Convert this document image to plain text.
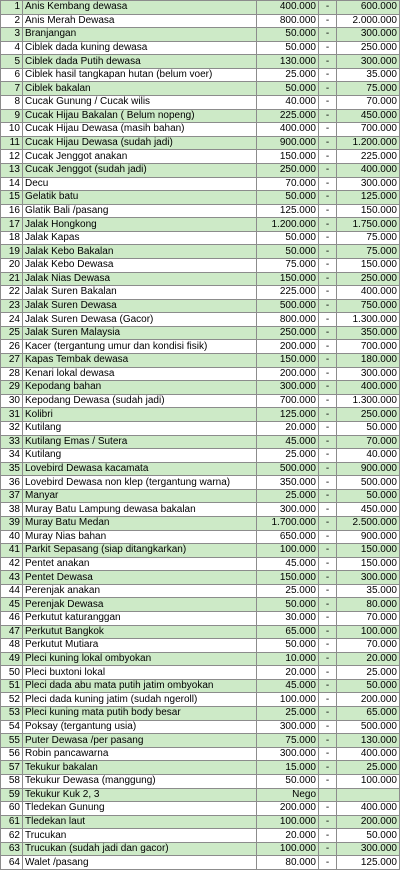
1	Anis Kembang dewasa	400.000	-	600.000
2	Anis Merah Dewasa	800.000	-	2.000.000
3	Branjangan	50.000	-	300.000
4	Ciblek dada kuning dewasa	50.000	-	250.000
5	Ciblek dada Putih dewasa	130.000	-	300.000
6	Ciblek hasil tangkapan hutan (belum voer)	25.000	-	35.000
7	Ciblek bakalan	50.000	-	75.000
8	Cucak Gunung / Cucak wilis	40.000	-	70.000
9	Cucak Hijau Bakalan ( Belum nopeng)	225.000	-	450.000
10	Cucak Hijau Dewasa (masih bahan)	400.000	-	700.000
11	Cucak Hijau Dewasa (sudah jadi)	900.000	-	1.200.000
12	Cucak Jenggot anakan	150.000	-	225.000
13	Cucak Jenggot (sudah jadi)	250.000	-	400.000
14	Decu	70.000	-	300.000
15	Gelatik batu	50.000	-	125.000
16	Glatik Bali /pasang	125.000	-	150.000
17	Jalak Hongkong	1.200.000	-	1.750.000
18	Jalak Kapas	50.000	-	75.000
19	Jalak Kebo Bakalan	50.000	-	75.000
20	Jalak Kebo Dewasa	75.000	-	150.000
21	Jalak Nias Dewasa	150.000	-	250.000
22	Jalak Suren Bakalan	225.000	-	400.000
23	Jalak Suren Dewasa	500.000	-	750.000
24	Jalak Suren Dewasa (Gacor)	800.000	-	1.300.000
25	Jalak Suren Malaysia	250.000	-	350.000
26	Kacer (tergantung umur dan kondisi fisik)	200.000	-	700.000
27	Kapas Tembak dewasa	150.000	-	180.000
28	Kenari lokal dewasa	200.000	-	300.000
29	Kepodang bahan	300.000	-	400.000
30	Kepodang Dewasa (sudah jadi)	700.000	-	1.300.000
31	Kolibri	125.000	-	250.000
32	Kutilang	20.000	-	50.000
33	Kutilang Emas / Sutera	45.000	-	70.000
34	Kutilang	25.000	-	40.000
35	Lovebird Dewasa kacamata	500.000	-	900.000
36	Lovebird Dewasa non klep (tergantung warna)	350.000	-	500.000
37	Manyar	25.000	-	50.000
38	Muray Batu Lampung dewasa bakalan	300.000	-	450.000
39	Muray Batu Medan	1.700.000	-	2.500.000
40	Muray Nias bahan	650.000	-	900.000
41	Parkit Sepasang (siap ditangkarkan)	100.000	-	150.000
42	Pentet anakan	45.000	-	150.000
43	Pentet Dewasa	150.000	-	300.000
44	Perenjak anakan	25.000	-	35.000
45	Perenjak Dewasa	50.000	-	80.000
46	Perkutut katuranggan	30.000	-	70.000
47	Perkutut Bangkok	65.000	-	100.000
48	Perkutut Mutiara	50.000	-	70.000
49	Pleci kuning lokal ombyokan	10.000	-	20.000
50	Pleci buxtoni lokal	20.000	-	25.000
51	Pleci dada abu mata putih jatim ombyokan	45.000	-	50.000
52	Pleci dada kuning jatim (sudah ngeroll)	100.000	-	200.000
53	Pleci kuning mata putih body besar	25.000	-	65.000
54	Poksay (tergantung usia)	300.000	-	500.000
55	Puter Dewasa /per pasang	75.000	-	130.000
56	Robin pancawarna	300.000	-	400.000
57	Tekukur bakalan	15.000	-	25.000
58	Tekukur Dewasa (manggung)	50.000	-	100.000
59	Tekukur Kuk 2, 3	Nego		
60	Tledekan Gunung	200.000	-	400.000
61	Tledekan laut	100.000	-	200.000
62	Trucukan	20.000	-	50.000
63	Trucukan (sudah jadi dan gacor)	100.000	-	300.000
64	Walet /pasang	80.000	-	125.000
